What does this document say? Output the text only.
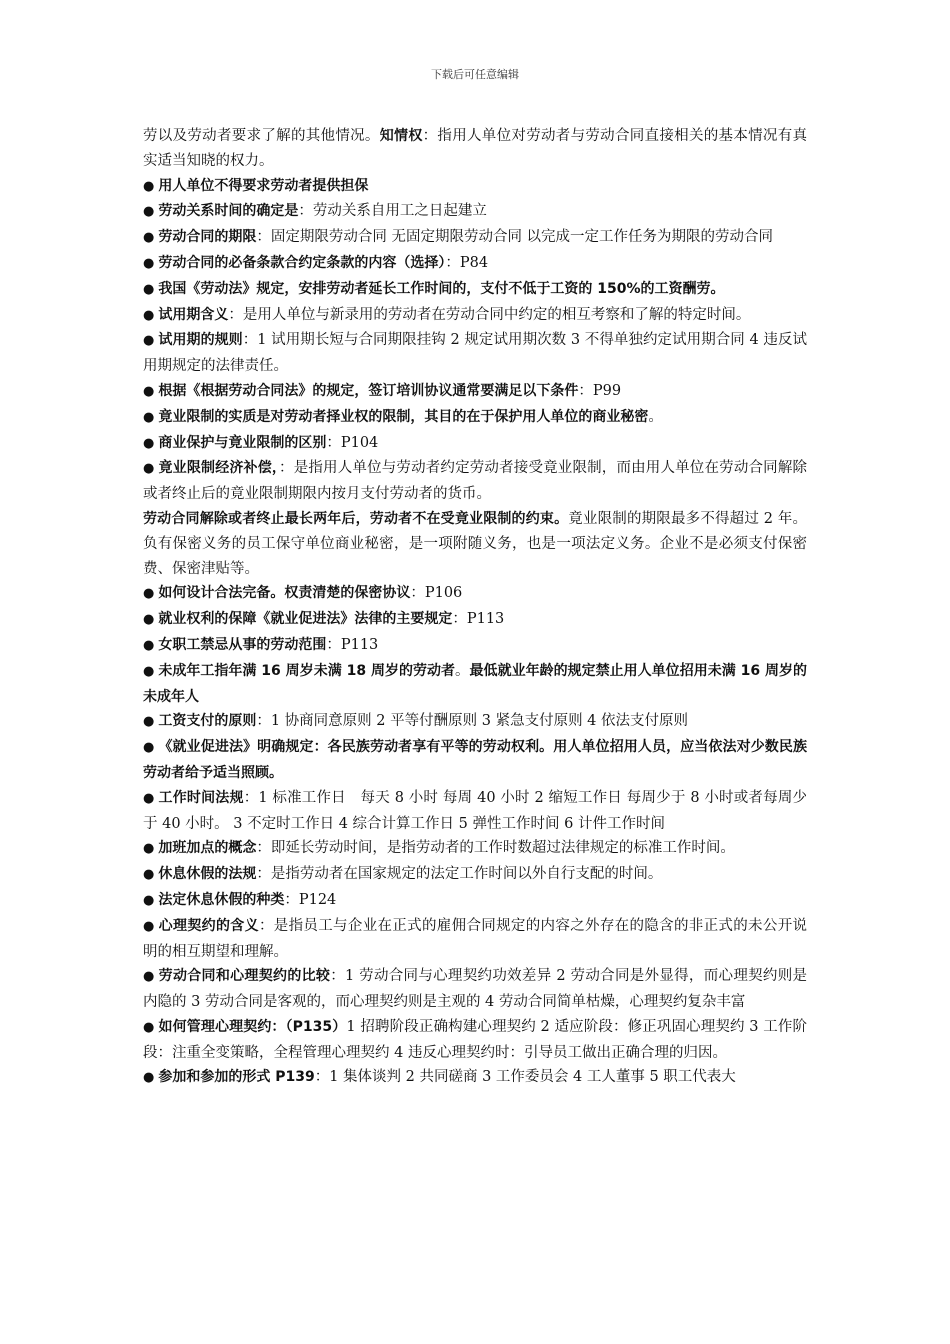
下载后可任意编辑

劳以及劳动者要求了解的其他情况。知情权：指用人单位对劳动者与劳动合同直接相关的基本情况有真实适当知晓的权力。

● 用人单位不得要求劳动者提供担保

● 劳动关系时间的确定是：劳动关系自用工之日起建立

● 劳动合同的期限：固定期限劳动合同 无固定期限劳动合同 以完成一定工作任务为期限的劳动合同

● 劳动合同的必备条款合约定条款的内容（选择）：P84

● 我国《劳动法》规定，安排劳动者延长工作时间的，支付不低于工资的 150%的工资酬劳。

● 试用期含义：是用人单位与新录用的劳动者在劳动合同中约定的相互考察和了解的特定时间。

● 试用期的规则：1 试用期长短与合同期限挂钩 2 规定试用期次数 3 不得单独约定试用期合同 4 违反试用期规定的法律责任。

● 根据《根据劳动合同法》的规定，签订培训协议通常要满足以下条件：P99

● 竟业限制的实质是对劳动者择业权的限制，其目的在于保护用人单位的商业秘密。

● 商业保护与竟业限制的区别：P104

● 竟业限制经济补偿，：是指用人单位与劳动者约定劳动者接受竟业限制，而由用人单位在劳动合同解除或者终止后的竟业限制期限内按月支付劳动者的货币。

劳动合同解除或者终止最长两年后，劳动者不在受竟业限制的约束。竟业限制的期限最多不得超过 2 年。负有保密义务的员工保守单位商业秘密，是一项附随义务，也是一项法定义务。企业不是必须支付保密费、保密津贴等。

● 如何设计合法完备。权责清楚的保密协议：P106

● 就业权利的保障《就业促进法》法律的主要规定：P113

● 女职工禁忌从事的劳动范围：P113

● 未成年工指年满 16 周岁未满 18 周岁的劳动者。最低就业年龄的规定禁止用人单位招用未满 16 周岁的未成年人

● 工资支付的原则：1 协商同意原则 2 平等付酬原则 3 紧急支付原则 4 依法支付原则

● 《就业促进法》明确规定：各民族劳动者享有平等的劳动权利。用人单位招用人员，应当依法对少数民族劳动者给予适当照顾。

● 工作时间法规：1 标准工作日　每天 8 小时 每周 40 小时 2 缩短工作日 每周少于 8 小时或者每周少于 40 小时。 3 不定时工作日 4 综合计算工作日 5 弹性工作时间 6 计件工作时间

● 加班加点的概念：即延长劳动时间，是指劳动者的工作时数超过法律规定的标准工作时间。

● 休息休假的法规：是指劳动者在国家规定的法定工作时间以外自行支配的时间。

● 法定休息休假的种类：P124

● 心理契约的含义：是指员工与企业在正式的雇佣合同规定的内容之外存在的隐含的非正式的未公开说明的相互期望和理解。

● 劳动合同和心理契约的比较：1 劳动合同与心理契约功效差异 2 劳动合同是外显得，而心理契约则是内隐的 3 劳动合同是客观的，而心理契约则是主观的 4 劳动合同简单枯燥，心理契约复杂丰富

● 如何管理心理契约：（P135）1 招聘阶段正确构建心理契约 2 适应阶段：修正巩固心理契约 3 工作阶段：注重全变策略，全程管理心理契约 4 违反心理契约时：引导员工做出正确合理的归因。

● 参加和参加的形式 P139：1 集体谈判 2 共同磋商 3 工作委员会 4 工人董事 5 职工代表大
